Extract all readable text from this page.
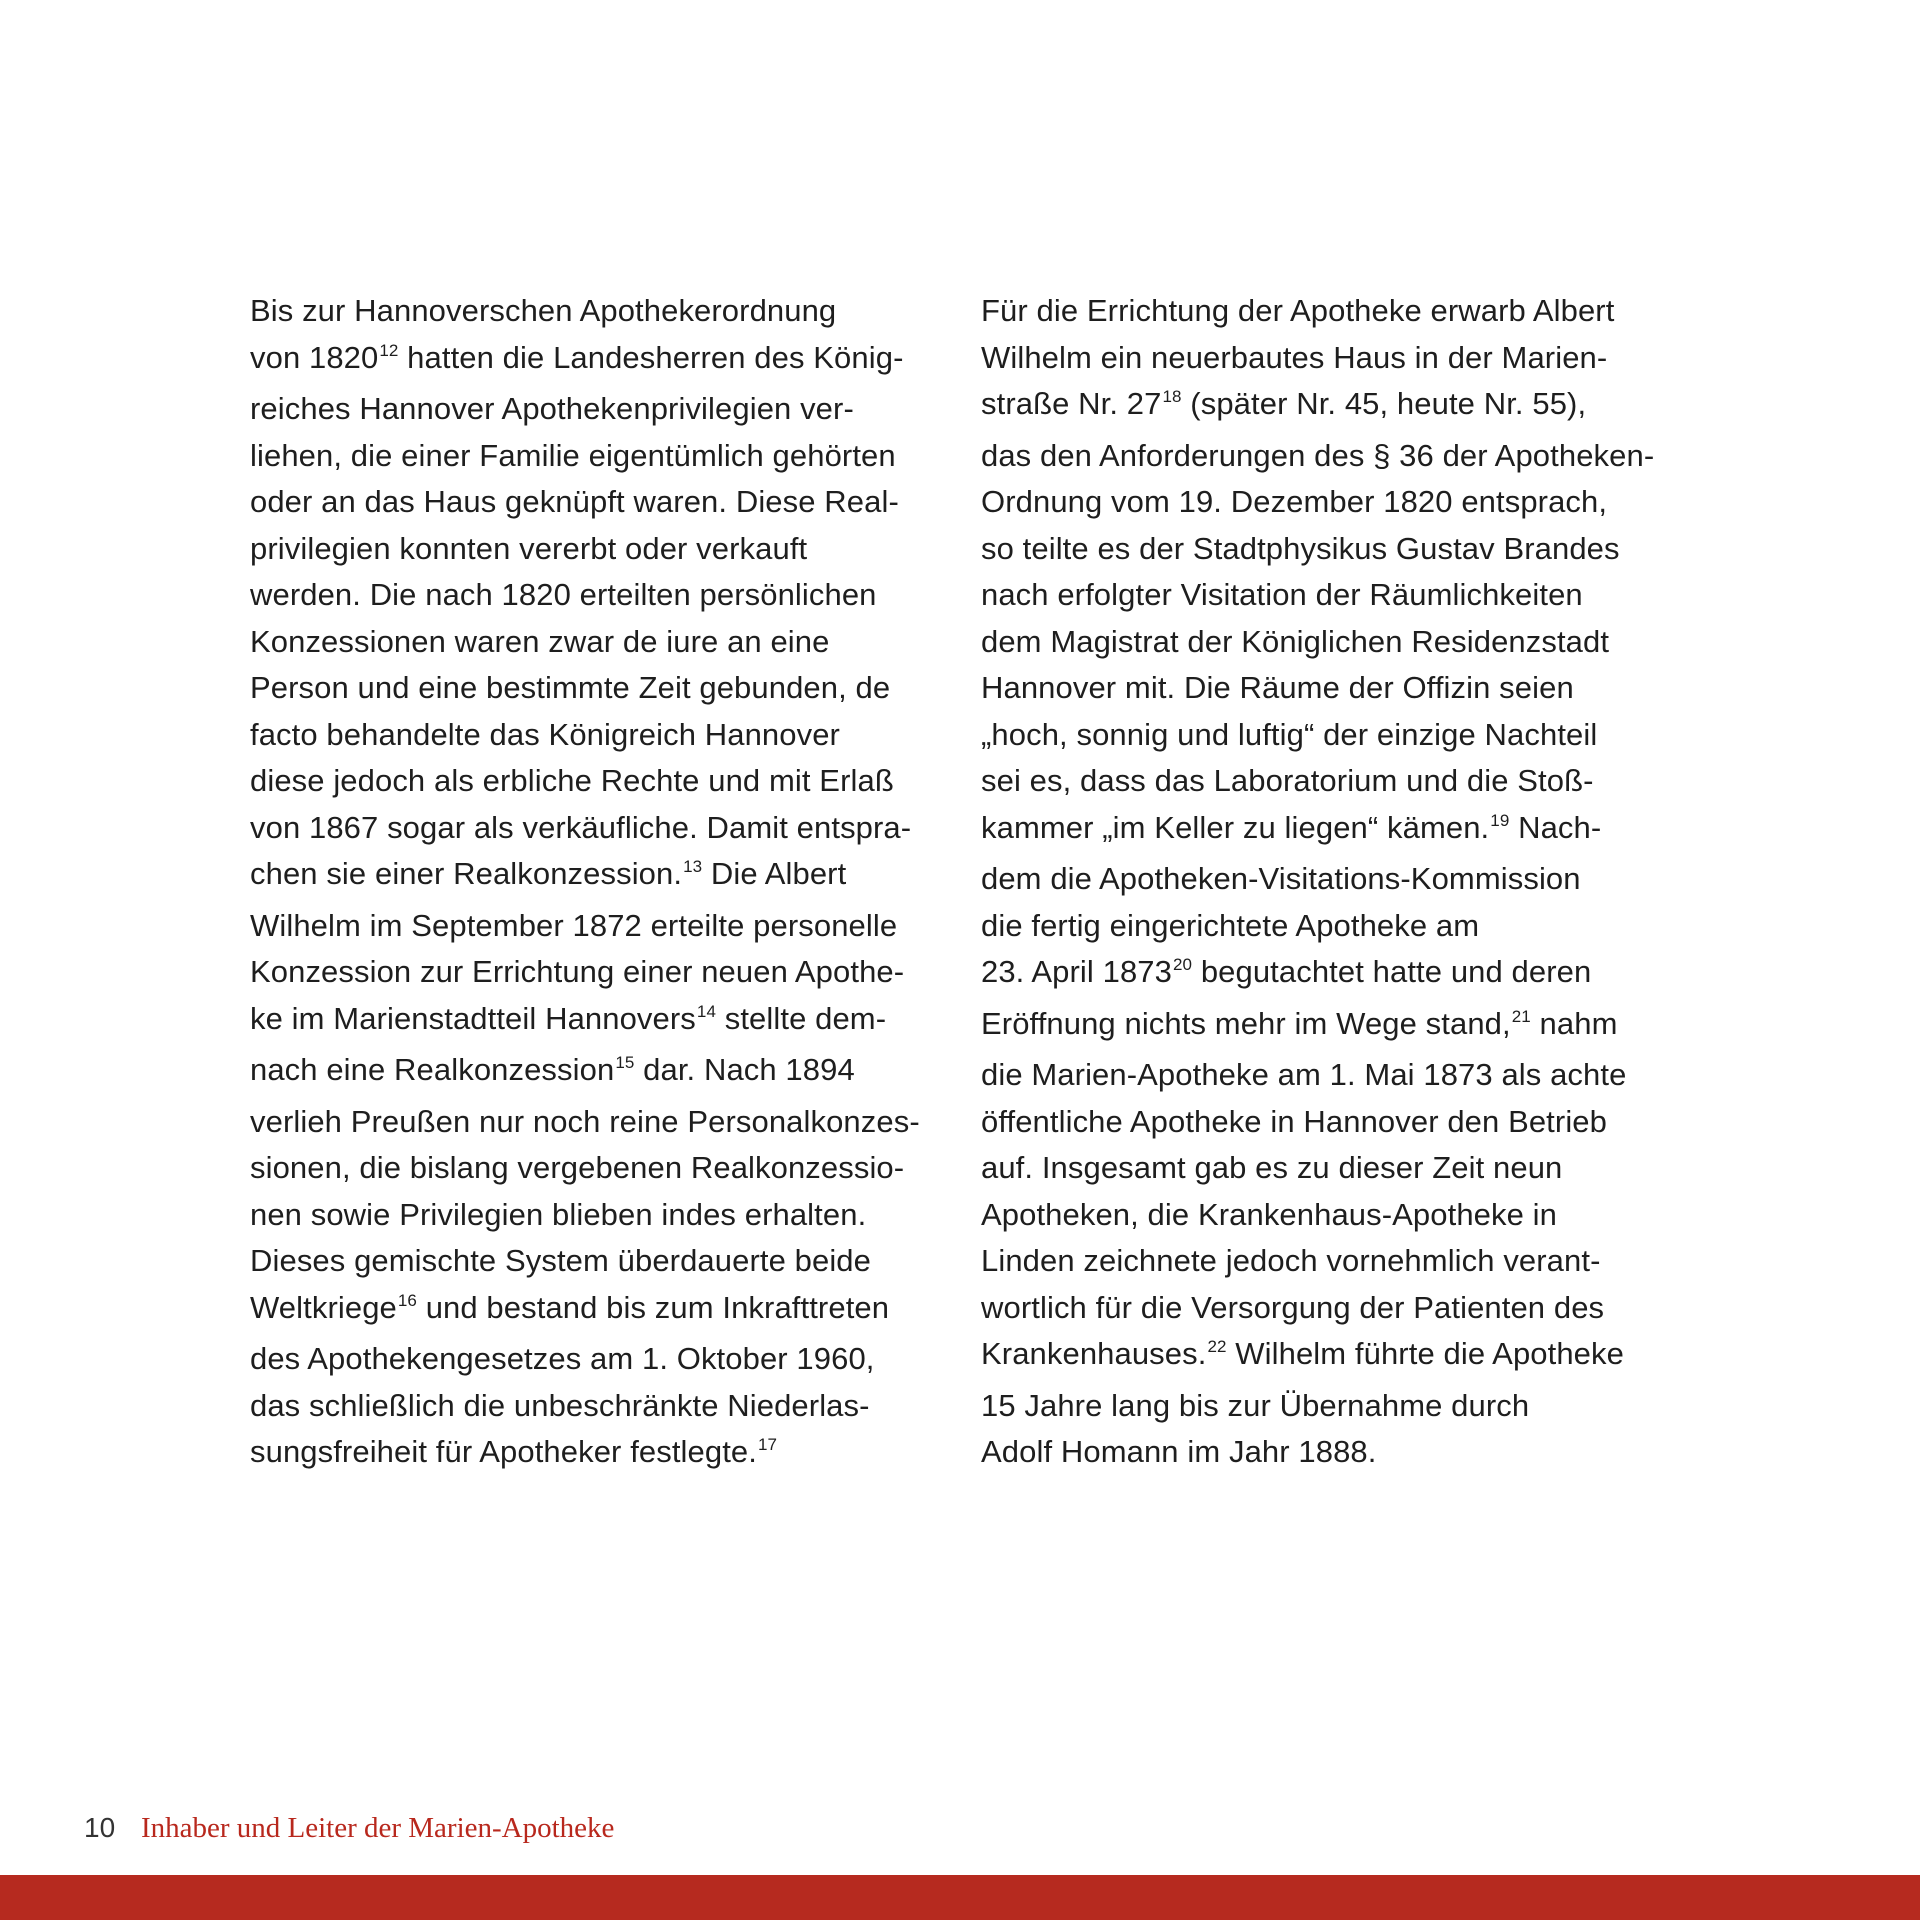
Bis zur Hannoverschen Apothekerordnung
von 1820$^{12}$ hatten die Landesherren des König-
reiches Hannover Apothekenprivilegien ver-
liehen, die einer Familie eigentümlich gehörten
oder an das Haus geknüpft waren. Diese Real-
privilegien konnten vererbt oder verkauft
werden. Die nach 1820 erteilten persönlichen
Konzessionen waren zwar de iure an eine
Person und eine bestimmte Zeit gebunden, de
facto behandelte das Königreich Hannover
diese jedoch als erbliche Rechte und mit Erlaß
von 1867 sogar als verkäufliche. Damit entspra-
chen sie einer Realkonzession.$^{13}$ Die Albert
Wilhelm im September 1872 erteilte personelle
Konzession zur Errichtung einer neuen Apothe-
ke im Marienstadtteil Hannovers$^{14}$ stellte dem-
nach eine Realkonzession$^{15}$ dar. Nach 1894
verlieh Preußen nur noch reine Personalkonzes-
sionen, die bislang vergebenen Realkonzessio-
nen sowie Privilegien blieben indes erhalten.
Dieses gemischte System überdauerte beide
Weltkriege$^{16}$ und bestand bis zum Inkrafttreten
des Apothekengesetzes am 1. Oktober 1960,
das schließlich die unbeschränkte Niederlas-
sungsfreiheit für Apotheker festlegte.$^{17}$
Für die Errichtung der Apotheke erwarb Albert
Wilhelm ein neuerbautes Haus in der Marien-
straße Nr. $27^{18}$ (später Nr. 45, heute Nr. 55),
das den Anforderungen des § 36 der Apotheken-
Ordnung vom 19. Dezember 1820 entsprach,
so teilte es der Stadtphysikus Gustav Brandes
nach erfolgter Visitation der Räumlichkeiten
dem Magistrat der Königlichen Residenzstadt
Hannover mit. Die Räume der Offizin seien
„hoch, sonnig und luftig“ der einzige Nachteil
sei es, dass das Laboratorium und die Stoß-
kammer „im Keller zu liegen“ kämen.$^{19}$ Nach-
dem die Apotheken-Visitations-Kommission
die fertig eingerichtete Apotheke am
23. April 1873$^{20}$ begutachtet hatte und deren
Eröffnung nichts mehr im Wege stand,$^{21}$ nahm
die Marien-Apotheke am 1. Mai 1873 als achte
öffentliche Apotheke in Hannover den Betrieb
auf. Insgesamt gab es zu dieser Zeit neun
Apotheken, die Krankenhaus-Apotheke in
Linden zeichnete jedoch vornehmlich verant-
wortlich für die Versorgung der Patienten des
Krankenhauses.$^{22}$ Wilhelm führte die Apotheke
15 Jahre lang bis zur Übernahme durch
Adolf Homann im Jahr 1888.
10 Inhaber und Leiter der Marien-Apotheke
